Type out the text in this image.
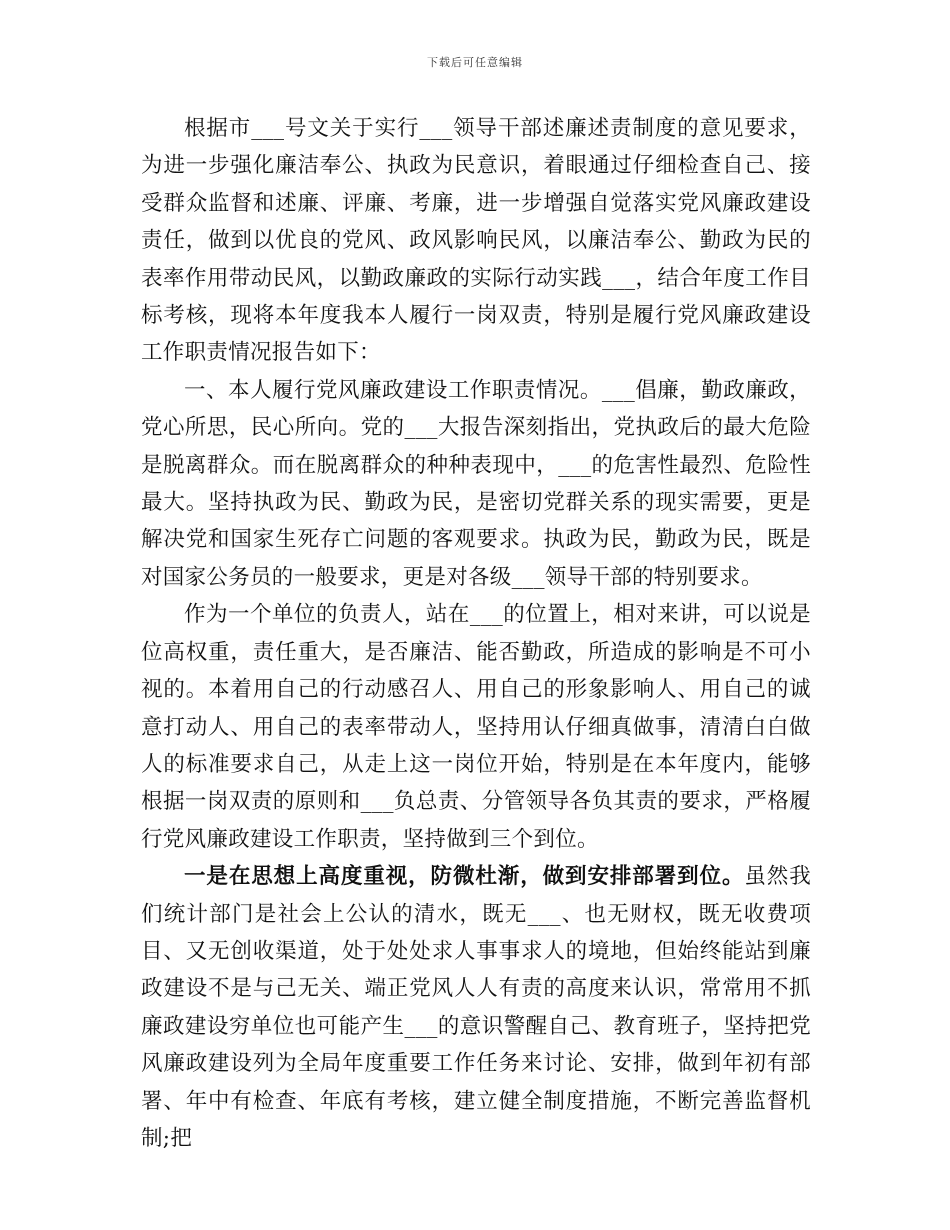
下载后可任意编辑

根据市___号文关于实行___领导干部述廉述责制度的意见要求，为进一步强化廉洁奉公、执政为民意识，着眼通过仔细检查自己、接受群众监督和述廉、评廉、考廉，进一步增强自觉落实党风廉政建设责任，做到以优良的党风、政风影响民风，以廉洁奉公、勤政为民的表率作用带动民风，以勤政廉政的实际行动实践___，结合年度工作目标考核，现将本年度我本人履行一岗双责，特别是履行党风廉政建设工作职责情况报告如下：

一、本人履行党风廉政建设工作职责情况。___倡廉，勤政廉政，党心所思，民心所向。党的___大报告深刻指出，党执政后的最大危险是脱离群众。而在脱离群众的种种表现中，___的危害性最烈、危险性最大。坚持执政为民、勤政为民，是密切党群关系的现实需要，更是解决党和国家生死存亡问题的客观要求。执政为民，勤政为民，既是对国家公务员的一般要求，更是对各级___领导干部的特别要求。

作为一个单位的负责人，站在___的位置上，相对来讲，可以说是位高权重，责任重大，是否廉洁、能否勤政，所造成的影响是不可小视的。本着用自己的行动感召人、用自己的形象影响人、用自己的诚意打动人、用自己的表率带动人，坚持用认仔细真做事，清清白白做人的标准要求自己，从走上这一岗位开始，特别是在本年度内，能够根据一岗双责的原则和___负总责、分管领导各负其责的要求，严格履行党风廉政建设工作职责，坚持做到三个到位。

一是在思想上高度重视，防微杜渐，做到安排部署到位。虽然我们统计部门是社会上公认的清水，既无___、也无财权，既无收费项目、又无创收渠道，处于处处求人事事求人的境地，但始终能站到廉政建设不是与己无关、端正党风人人有责的高度来认识，常常用不抓廉政建设穷单位也可能产生___的意识警醒自己、教育班子，坚持把党风廉政建设列为全局年度重要工作任务来讨论、安排，做到年初有部署、年中有检查、年底有考核，建立健全制度措施，不断完善监督机制;把
